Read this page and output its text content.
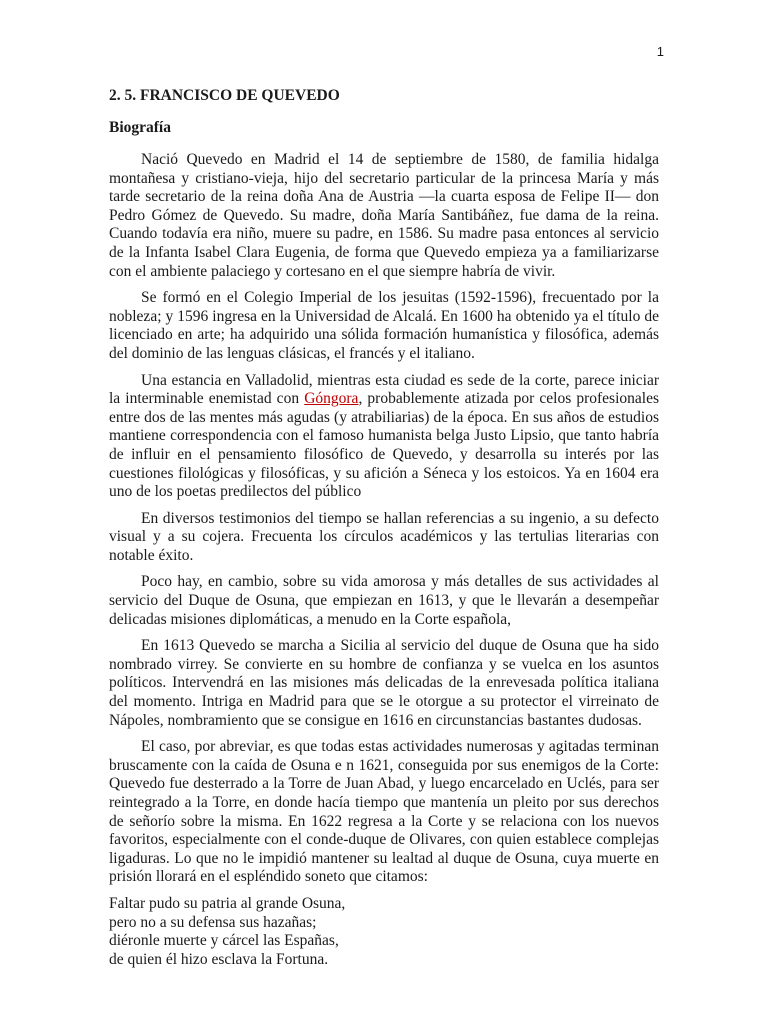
1
2. 5. FRANCISCO DE QUEVEDO
Biografía

Nació Quevedo en Madrid el 14 de septiembre de 1580, de familia hidalga montañesa y cristiano-vieja, hijo del secretario particular de la princesa María y más tarde secretario de la reina doña Ana de Austria —la cuarta esposa de Felipe II— don Pedro Gómez de Quevedo. Su madre, doña María Santibáñez, fue dama de la reina. Cuando todavía era niño, muere su padre, en 1586. Su madre pasa entonces al servicio de la Infanta Isabel Clara Eugenia, de forma que Quevedo empieza ya a familiarizarse con el ambiente palaciego y cortesano en el que siempre habría de vivir.

Se formó en el Colegio Imperial de los jesuitas (1592-1596), frecuentado por la nobleza; y 1596 ingresa en la Universidad de Alcalá. En 1600 ha obtenido ya el título de licenciado en arte; ha adquirido una sólida formación humanística y filosófica, además del dominio de las lenguas clásicas, el francés y el italiano.

Una estancia en Valladolid, mientras esta ciudad es sede de la corte, parece iniciar la interminable enemistad con Góngora, probablemente atizada por celos profesionales entre dos de las mentes más agudas (y atrabiliarias) de la época. En sus años de estudios mantiene correspondencia con el famoso humanista belga Justo Lipsio, que tanto habría de influir en el pensamiento filosófico de Quevedo, y desarrolla su interés por las cuestiones filológicas y filosóficas, y su afición a Séneca y los estoicos. Ya en 1604 era uno de los poetas predilectos del público

En diversos testimonios del tiempo se hallan referencias a su ingenio, a su defecto visual y a su cojera. Frecuenta los círculos académicos y las tertulias literarias con notable éxito.

Poco hay, en cambio, sobre su vida amorosa y más detalles de sus actividades al servicio del Duque de Osuna, que empiezan en 1613, y que le llevarán a desempeñar delicadas misiones diplomáticas, a menudo en la Corte española,

En 1613 Quevedo se marcha a Sicilia al servicio del duque de Osuna que ha sido nombrado virrey. Se convierte en su hombre de confianza y se vuelca en los asuntos políticos. Intervendrá en las misiones más delicadas de la enrevesada política italiana del momento. Intriga en Madrid para que se le otorgue a su protector el virreinato de Nápoles, nombramiento que se consigue en 1616 en circunstancias bastantes dudosas.

El caso, por abreviar, es que todas estas actividades numerosas y agitadas terminan bruscamente con la caída de Osuna e n 1621, conseguida por sus enemigos de la Corte: Quevedo fue desterrado a la Torre de Juan Abad, y luego encarcelado en Uclés, para ser reintegrado a la Torre, en donde hacía tiempo que mantenía un pleito por sus derechos de señorío sobre la misma. En 1622 regresa a la Corte y se relaciona con los nuevos favoritos, especialmente con el conde-duque de Olivares, con quien establece complejas ligaduras. Lo que no le impidió mantener su lealtad al duque de Osuna, cuya muerte en prisión llorará en el espléndido soneto que citamos:

Faltar pudo su patria al grande Osuna,
pero no a su defensa sus hazañas;
diéronle muerte y cárcel las Españas,
de quien él hizo esclava la Fortuna.
